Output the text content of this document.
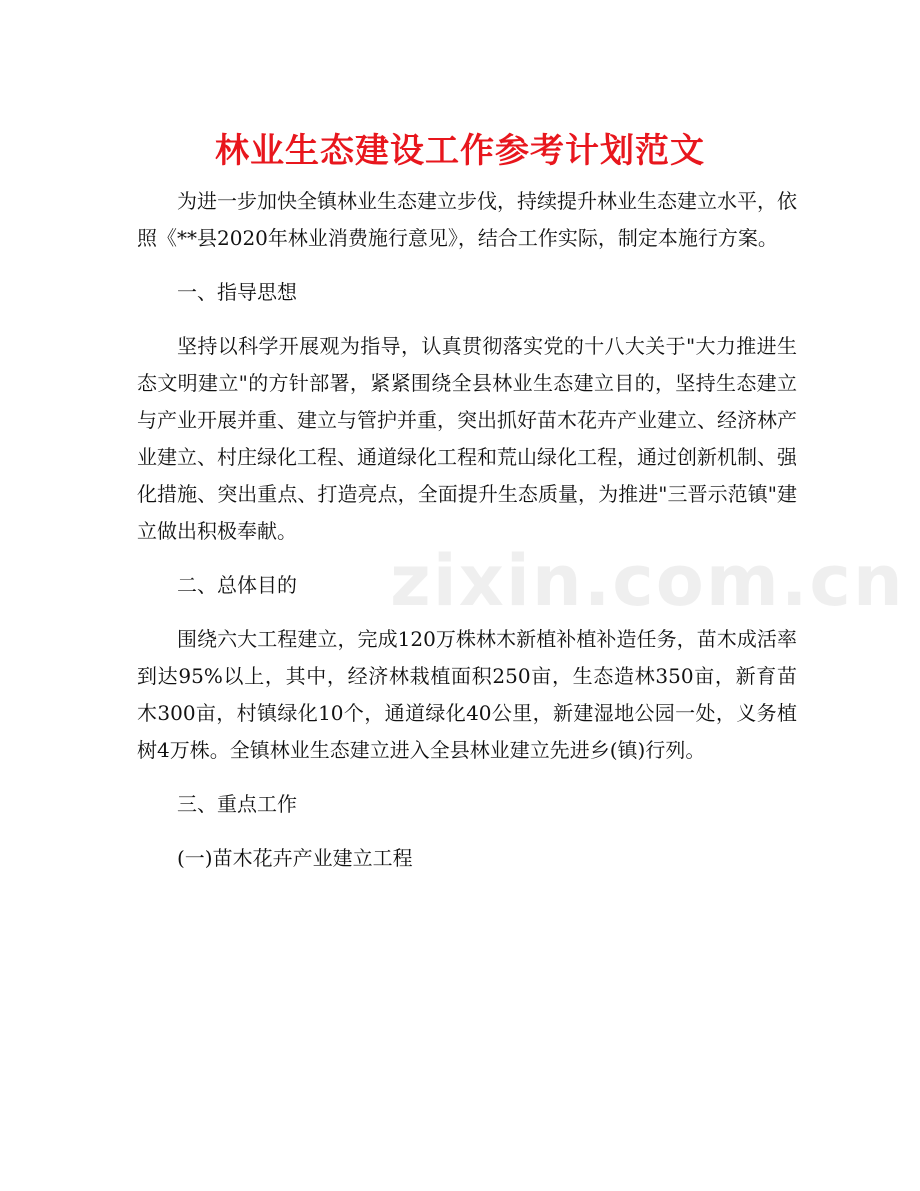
林业生态建设工作参考计划范文

为进一步加快全镇林业生态建立步伐，持续提升林业生态建立水平，依照《**县2020年林业消费施行意见》，结合工作实际，制定本施行方案。

一、指导思想

坚持以科学开展观为指导，认真贯彻落实党的十八大关于"大力推进生态文明建立"的方针部署，紧紧围绕全县林业生态建立目的，坚持生态建立与产业开展并重、建立与管护并重，突出抓好苗木花卉产业建立、经济林产业建立、村庄绿化工程、通道绿化工程和荒山绿化工程，通过创新机制、强化措施、突出重点、打造亮点，全面提升生态质量，为推进"三晋示范镇"建立做出积极奉献。

二、总体目的

围绕六大工程建立，完成120万株林木新植补植补造任务，苗木成活率到达95%以上，其中，经济林栽植面积250亩，生态造林350亩，新育苗木300亩，村镇绿化10个，通道绿化40公里，新建湿地公园一处，义务植树4万株。全镇林业生态建立进入全县林业建立先进乡(镇)行列。

三、重点工作

(一)苗木花卉产业建立工程

zixin.com.cn
